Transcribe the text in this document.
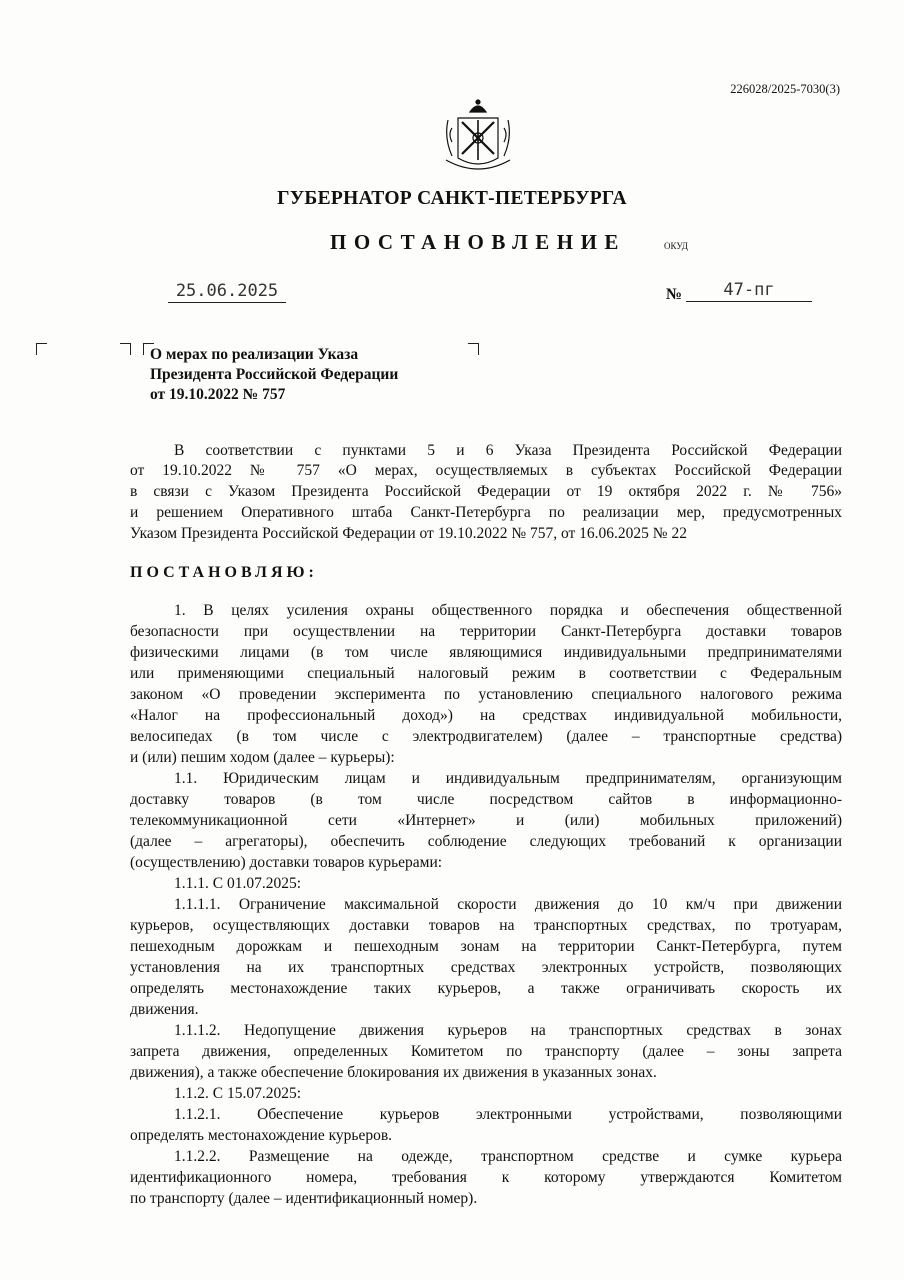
226028/2025-7030(3)
ГУБЕРНАТОР САНКТ-ПЕТЕРБУРГА
ПОСТАНОВЛЕНИЕ	ОКУД
25.06.2025	№	47-пг
О мерах по реализации Указа
Президента Российской Федерации
от 19.10.2022 № 757
В соответствии с пунктами 5 и 6 Указа Президента Российской Федерации
от 19.10.2022 № 757 «О мерах, осуществляемых в субъектах Российской Федерации
в связи с Указом Президента Российской Федерации от 19 октября 2022 г. № 756»
и решением Оперативного штаба Санкт-Петербурга по реализации мер, предусмотренных
Указом Президента Российской Федерации от 19.10.2022 № 757, от 16.06.2025 № 22
ПОСТАНОВЛЯЮ:
1. В целях усиления охраны общественного порядка и обеспечения общественной
безопасности при осуществлении на территории Санкт-Петербурга доставки товаров
физическими лицами (в том числе являющимися индивидуальными предпринимателями
или применяющими специальный налоговый режим в соответствии с Федеральным
законом «О проведении эксперимента по установлению специального налогового режима
«Налог на профессиональный доход») на средствах индивидуальной мобильности,
велосипедах (в том числе с электродвигателем) (далее – транспортные средства)
и (или) пешим ходом (далее – курьеры):
1.1. Юридическим лицам и индивидуальным предпринимателям, организующим
доставку товаров (в том числе посредством сайтов в информационно-
телекоммуникационной сети «Интернет» и (или) мобильных приложений)
(далее – агрегаторы), обеспечить соблюдение следующих требований к организации
(осуществлению) доставки товаров курьерами:
1.1.1. С 01.07.2025:
1.1.1.1. Ограничение максимальной скорости движения до 10 км/ч при движении
курьеров, осуществляющих доставки товаров на транспортных средствах, по тротуарам,
пешеходным дорожкам и пешеходным зонам на территории Санкт-Петербурга, путем
установления на их транспортных средствах электронных устройств, позволяющих
определять местонахождение таких курьеров, а также ограничивать скорость их
движения.
1.1.1.2. Недопущение движения курьеров на транспортных средствах в зонах
запрета движения, определенных Комитетом по транспорту (далее – зоны запрета
движения), а также обеспечение блокирования их движения в указанных зонах.
1.1.2. С 15.07.2025:
1.1.2.1. Обеспечение курьеров электронными устройствами, позволяющими
определять местонахождение курьеров.
1.1.2.2. Размещение на одежде, транспортном средстве и сумке курьера
идентификационного номера, требования к которому утверждаются Комитетом
по транспорту (далее – идентификационный номер).
